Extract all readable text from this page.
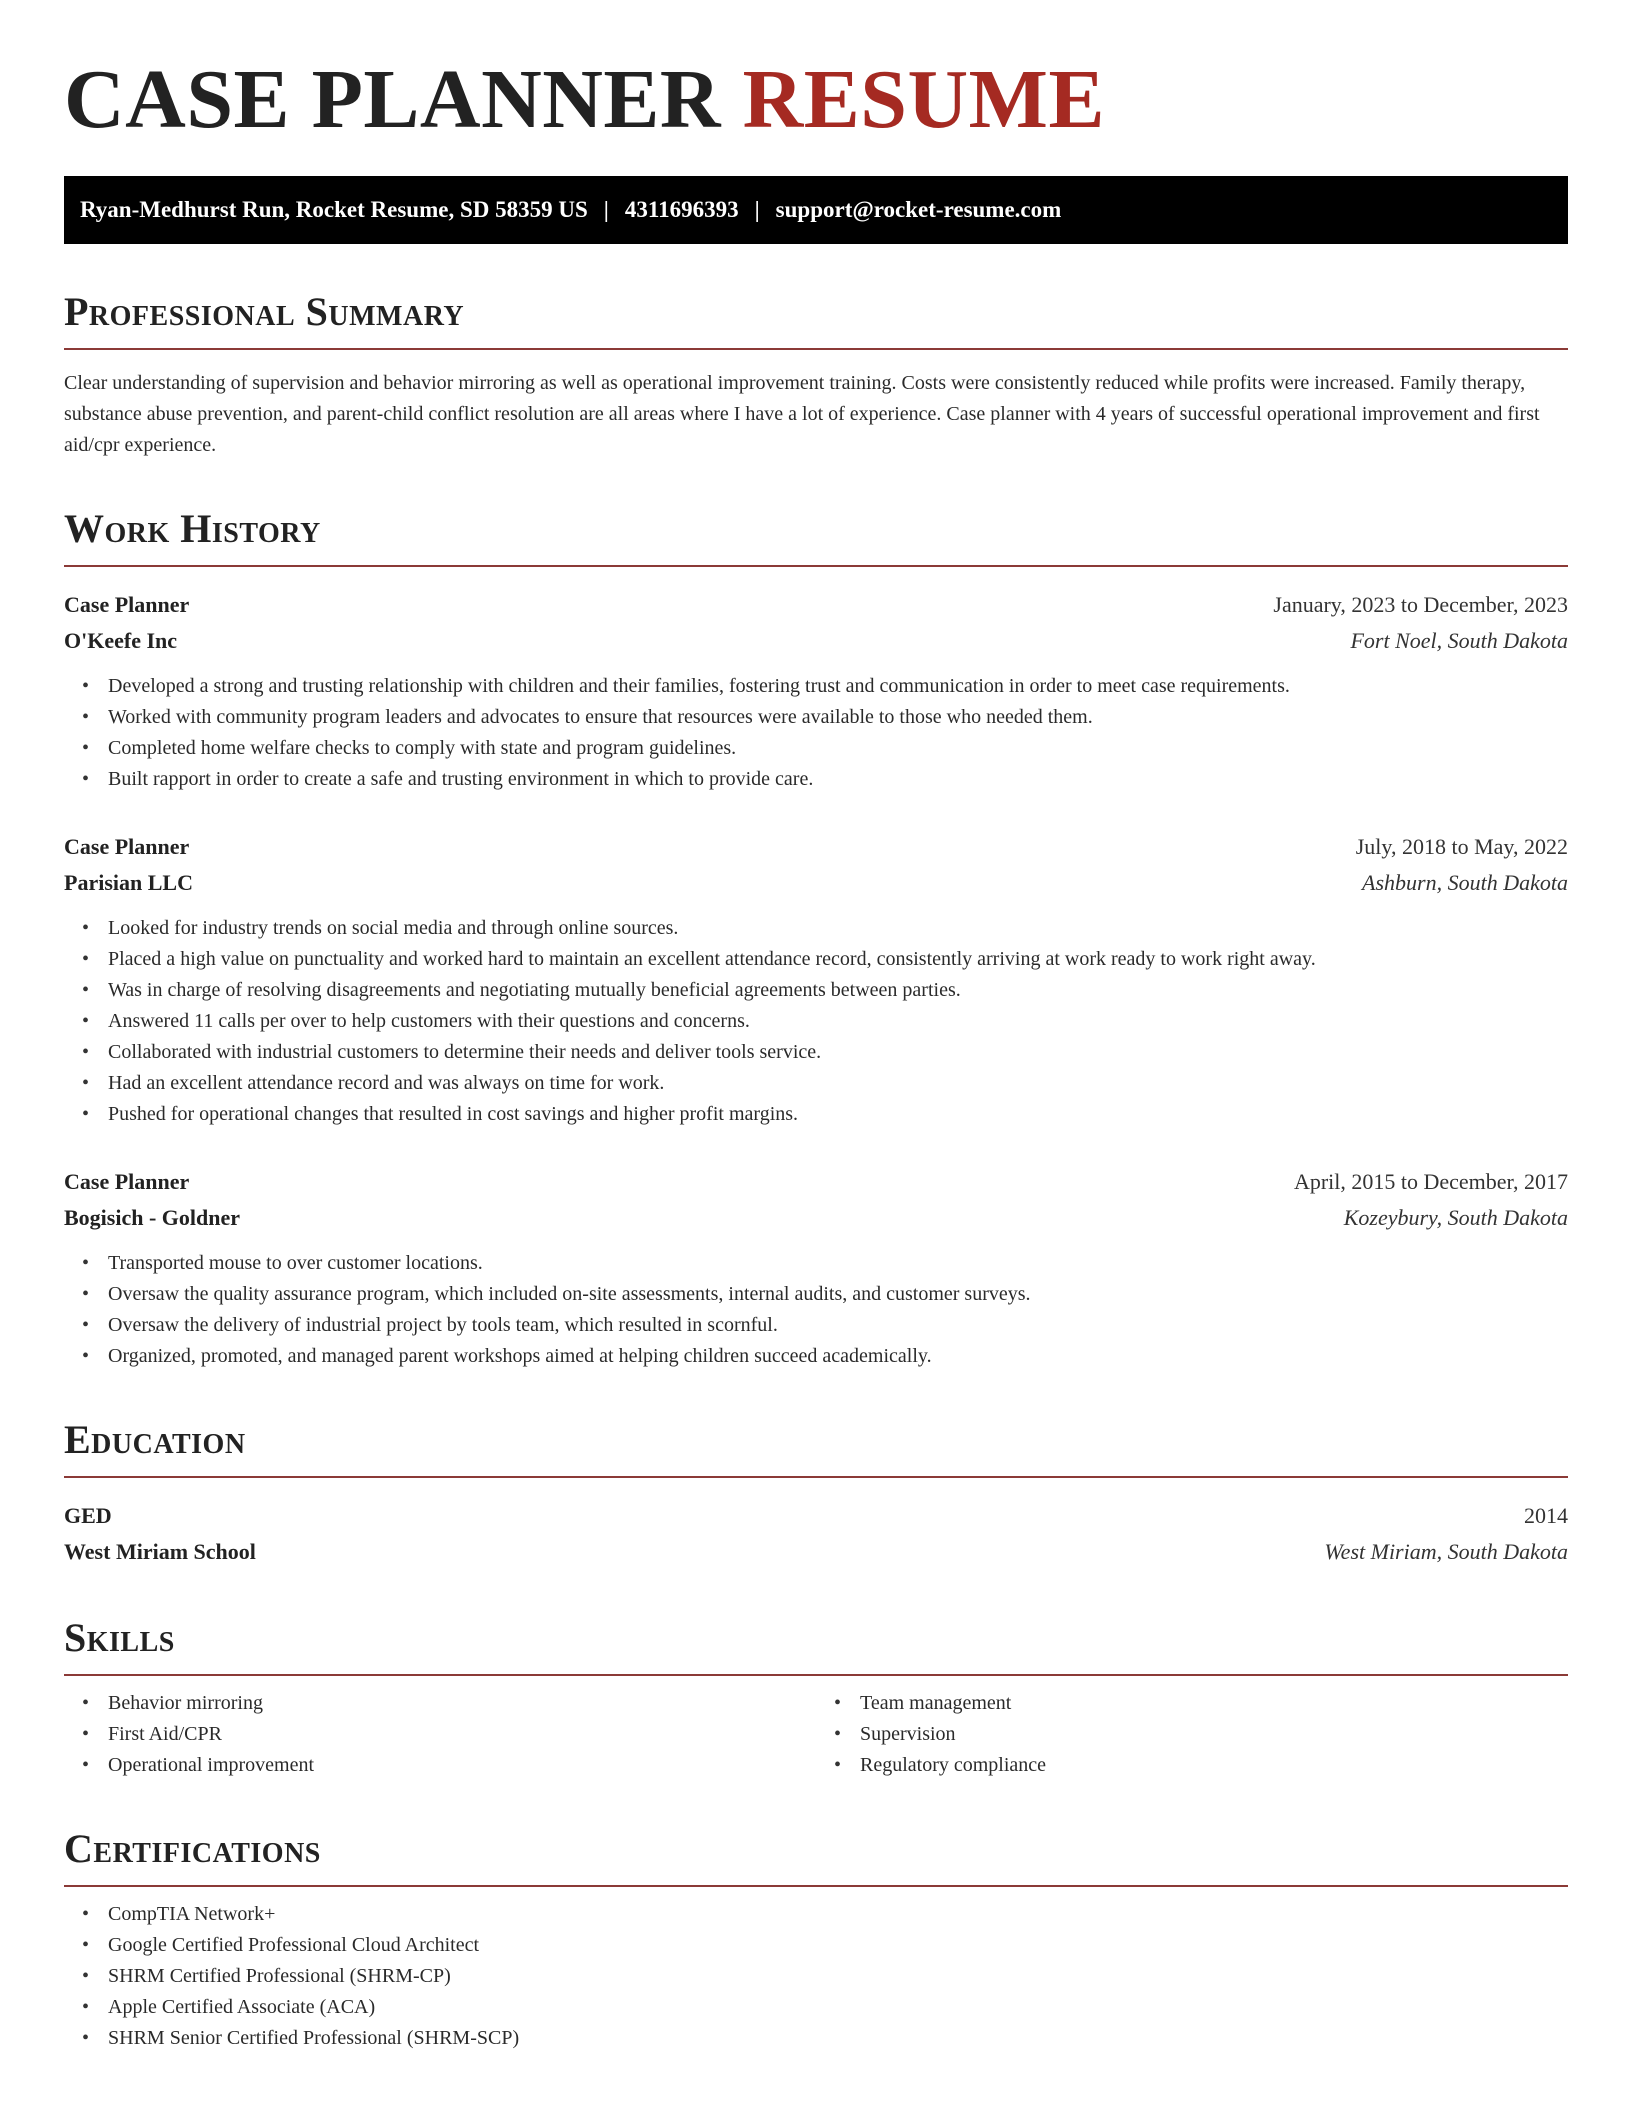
CASE PLANNER RESUME
Ryan-Medhurst Run, Rocket Resume, SD 58359 US | 4311696393 | support@rocket-resume.com
Professional Summary

Clear understanding of supervision and behavior mirroring as well as operational improvement training. Costs were consistently reduced while profits were increased. Family therapy, substance abuse prevention, and parent-child conflict resolution are all areas where I have a lot of experience. Case planner with 4 years of successful operational improvement and first aid/cpr experience.

Work History
Case Planner	January, 2023 to December, 2023
O'Keefe Inc	Fort Noel, South Dakota
• Developed a strong and trusting relationship with children and their families, fostering trust and communication in order to meet case requirements.
• Worked with community program leaders and advocates to ensure that resources were available to those who needed them.
• Completed home welfare checks to comply with state and program guidelines.
• Built rapport in order to create a safe and trusting environment in which to provide care.
Case Planner	July, 2018 to May, 2022
Parisian LLC	Ashburn, South Dakota
• Looked for industry trends on social media and through online sources.
• Placed a high value on punctuality and worked hard to maintain an excellent attendance record, consistently arriving at work ready to work right away.
• Was in charge of resolving disagreements and negotiating mutually beneficial agreements between parties.
• Answered 11 calls per over to help customers with their questions and concerns.
• Collaborated with industrial customers to determine their needs and deliver tools service.
• Had an excellent attendance record and was always on time for work.
• Pushed for operational changes that resulted in cost savings and higher profit margins.
Case Planner	April, 2015 to December, 2017
Bogisich - Goldner	Kozeybury, South Dakota
• Transported mouse to over customer locations.
• Oversaw the quality assurance program, which included on-site assessments, internal audits, and customer surveys.
• Oversaw the delivery of industrial project by tools team, which resulted in scornful.
• Organized, promoted, and managed parent workshops aimed at helping children succeed academically.
Education
GED	2014
West Miriam School	West Miriam, South Dakota
Skills
• Behavior mirroring
• First Aid/CPR
• Operational improvement
• Team management
• Supervision
• Regulatory compliance
Certifications
• CompTIA Network+
• Google Certified Professional Cloud Architect
• SHRM Certified Professional (SHRM-CP)
• Apple Certified Associate (ACA)
• SHRM Senior Certified Professional (SHRM-SCP)
